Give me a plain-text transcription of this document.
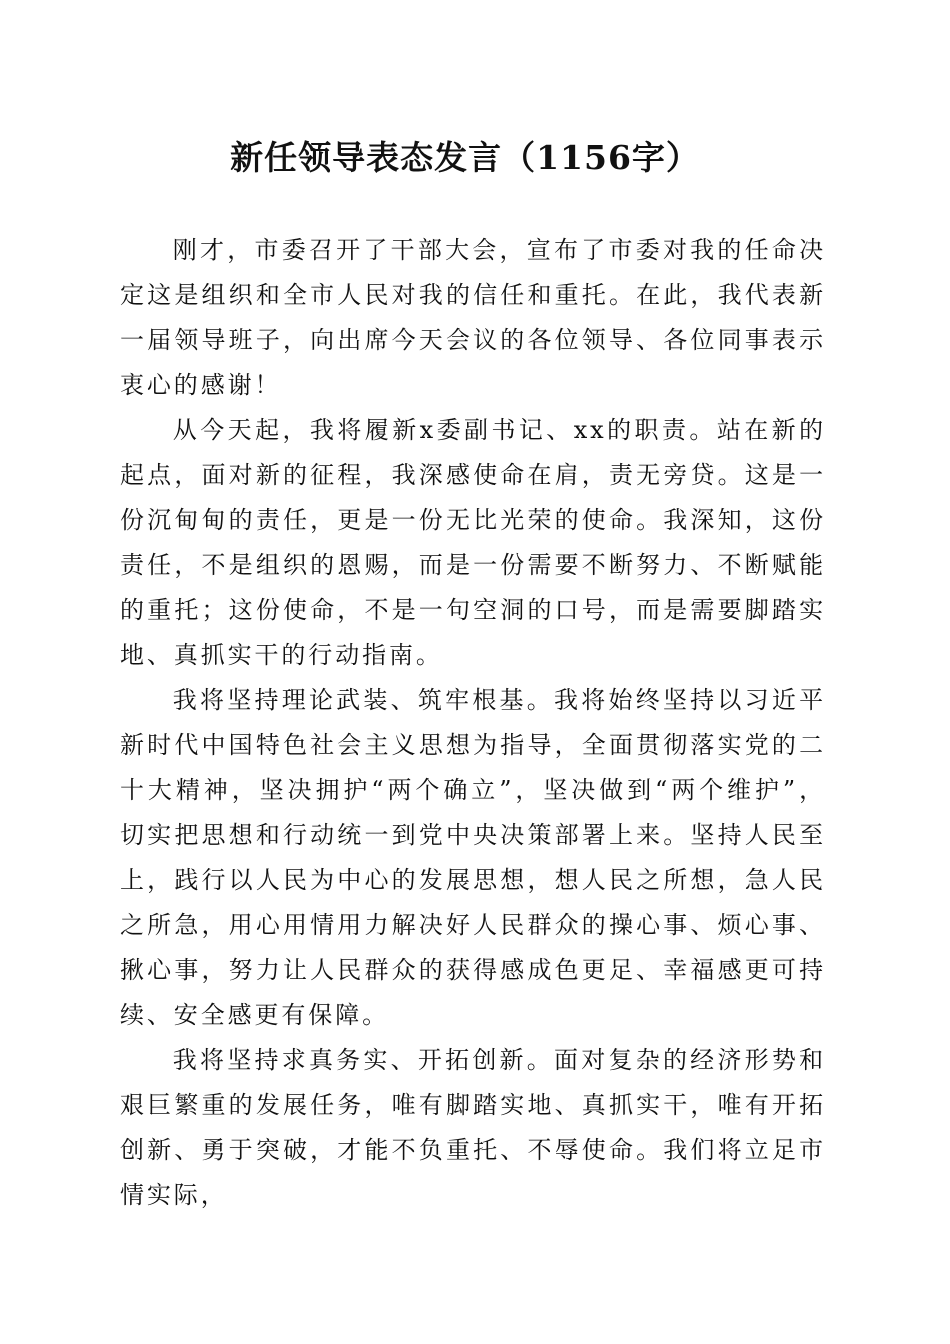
新任领导表态发言（1156字）

刚才，市委召开了干部大会，宣布了市委对我的任命决定这是组织和全市人民对我的信任和重托。在此，我代表新一届领导班子，向出席今天会议的各位领导、各位同事表示衷心的感谢！

从今天起，我将履新x委副书记、xx的职责。站在新的起点，面对新的征程，我深感使命在肩，责无旁贷。这是一份沉甸甸的责任，更是一份无比光荣的使命。我深知，这份责任，不是组织的恩赐，而是一份需要不断努力、不断赋能的重托；这份使命，不是一句空洞的口号，而是需要脚踏实地、真抓实干的行动指南。

我将坚持理论武装、筑牢根基。我将始终坚持以习近平新时代中国特色社会主义思想为指导，全面贯彻落实党的二十大精神，坚决拥护“两个确立”，坚决做到“两个维护”，切实把思想和行动统一到党中央决策部署上来。坚持人民至上，践行以人民为中心的发展思想，想人民之所想，急人民之所急，用心用情用力解决好人民群众的操心事、烦心事、揪心事，努力让人民群众的获得感成色更足、幸福感更可持续、安全感更有保障。

我将坚持求真务实、开拓创新。面对复杂的经济形势和艰巨繁重的发展任务，唯有脚踏实地、真抓实干，唯有开拓创新、勇于突破，才能不负重托、不辱使命。我们将立足市情实际，
